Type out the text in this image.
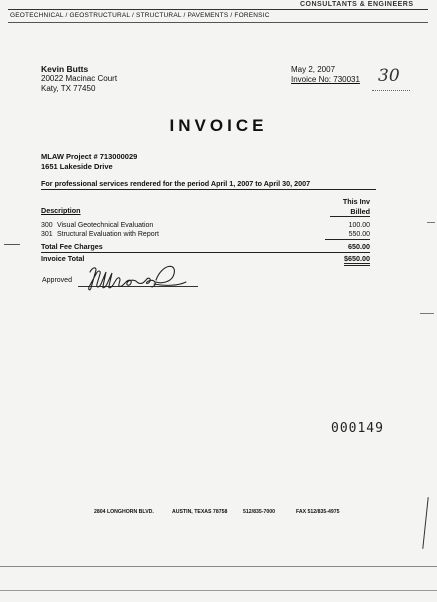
CONSULTANTS & ENGINEERS
GEOTECHNICAL / GEOSTRUCTURAL / STRUCTURAL / PAVEMENTS / FORENSIC
Kevin Butts
20022 Macinac Court
Katy, TX 77450
May 2, 2007
Invoice No: 730031 30
INVOICE
MLAW Project # 713000029
1651 Lakeside Drive
For professional services rendered for the period April 1, 2007 to April 30, 2007
This Inv
Billed
Description
300 Visual Geotechnical Evaluation	100.00
301 Structural Evaluation with Report	550.00
Total Fee Charges	650.00
Invoice Total	$650.00
Approved
000149
2804 LONGHORN BLVD.	AUSTIN, TEXAS 78758	512/835-7000	FAX 512/835-4975
